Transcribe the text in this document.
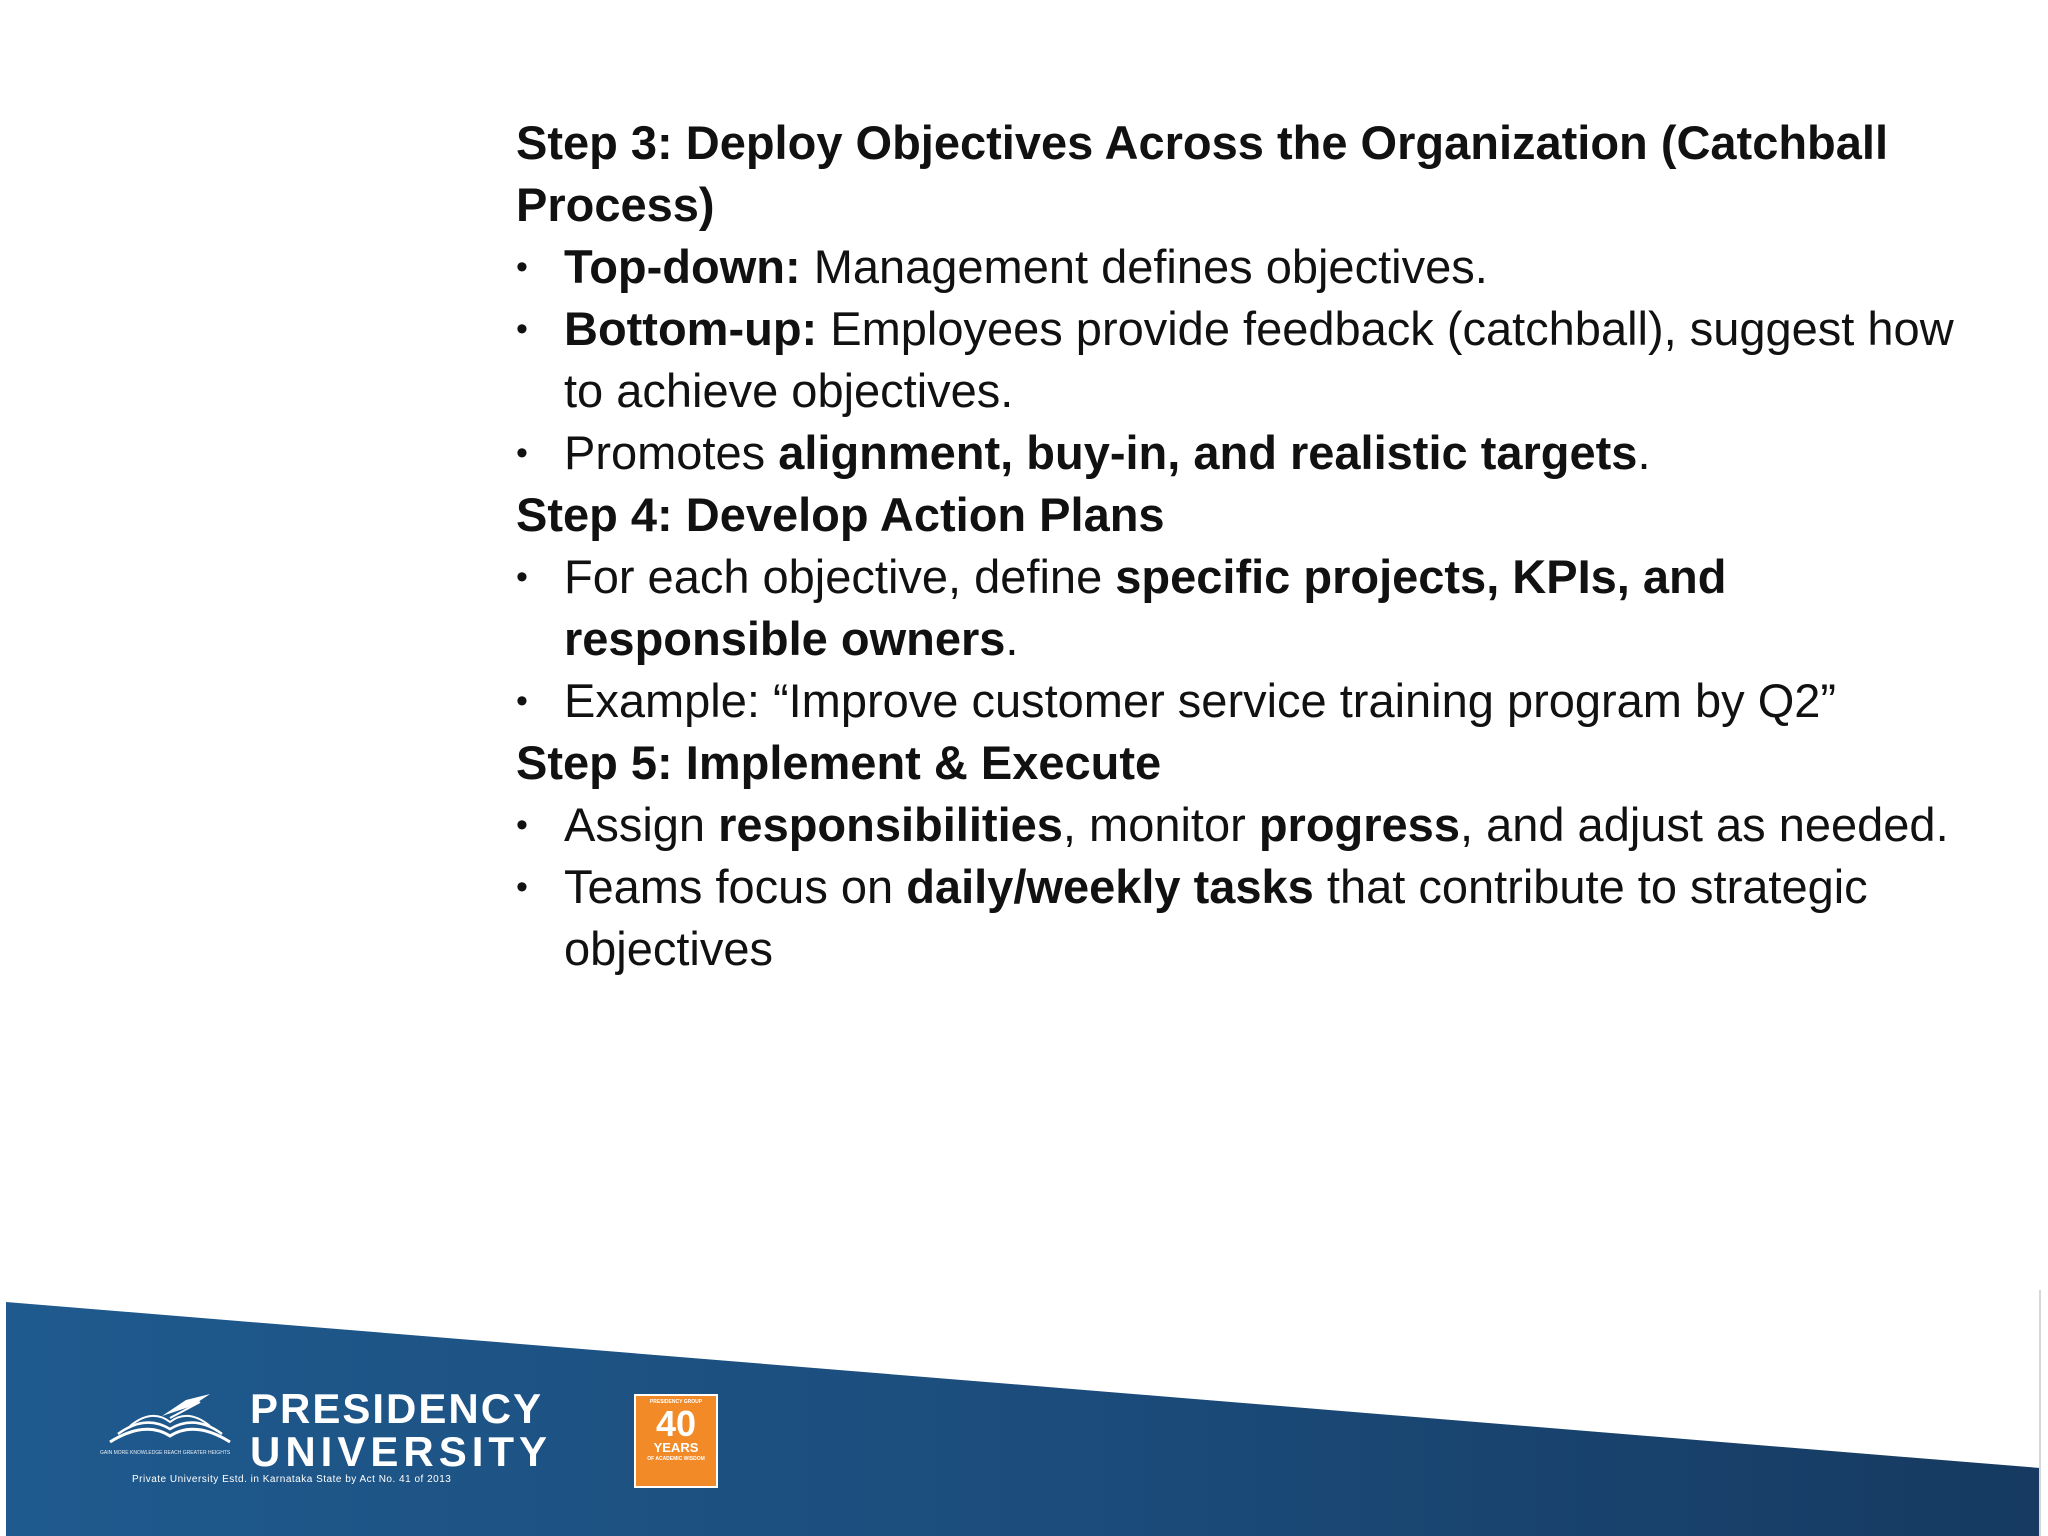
Step 3: Deploy Objectives Across the Organization (Catchball Process)
• Top-down: Management defines objectives.
• Bottom-up: Employees provide feedback (catchball), suggest how to achieve objectives.
• Promotes alignment, buy-in, and realistic targets.
Step 4: Develop Action Plans
• For each objective, define specific projects, KPIs, and responsible owners.
• Example: “Improve customer service training program by Q2”
Step 5: Implement & Execute
• Assign responsibilities, monitor progress, and adjust as needed.
• Teams focus on daily/weekly tasks that contribute to strategic objectives
GAIN MORE KNOWLEDGE REACH GREATER HEIGHTS
PRESIDENCY
UNIVERSITY
Private University Estd. in Karnataka State by Act No. 41 of 2013
PRESIDENCY GROUP
40
YEARS
OF ACADEMIC WISDOM
